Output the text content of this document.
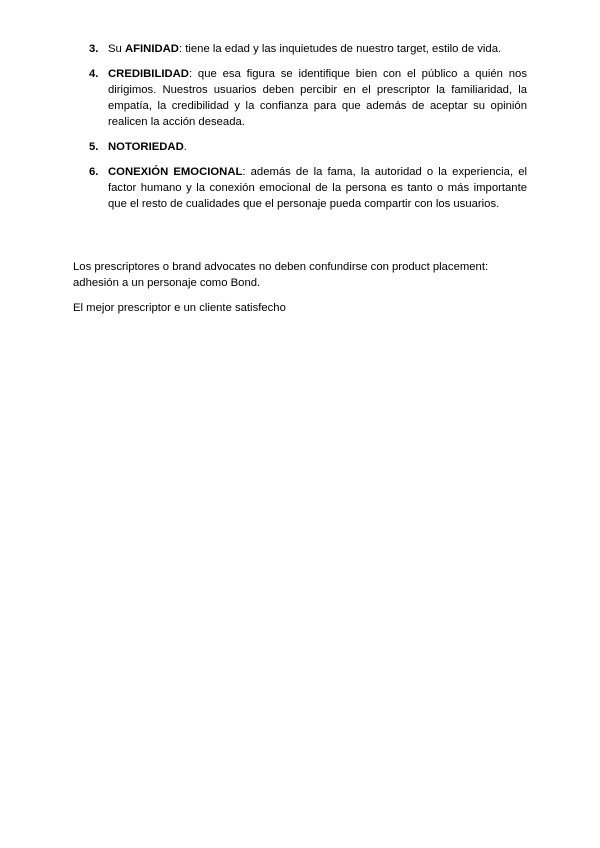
3. Su AFINIDAD: tiene la edad y las inquietudes de nuestro target, estilo de vida.
4. CREDIBILIDAD: que esa figura se identifique bien con el público a quién nos dirigimos. Nuestros usuarios deben percibir en el prescriptor la familiaridad, la empatía, la credibilidad y la confianza para que además de aceptar su opinión realicen la acción deseada.
5. NOTORIEDAD.
6. CONEXIÓN EMOCIONAL: además de la fama, la autoridad o la experiencia, el factor humano y la conexión emocional de la persona es tanto o más importante que el resto de cualidades que el personaje pueda compartir con los usuarios.

Los prescriptores o brand advocates no deben confundirse con product placement: adhesión a un personaje como Bond.

El mejor prescriptor e un cliente satisfecho
